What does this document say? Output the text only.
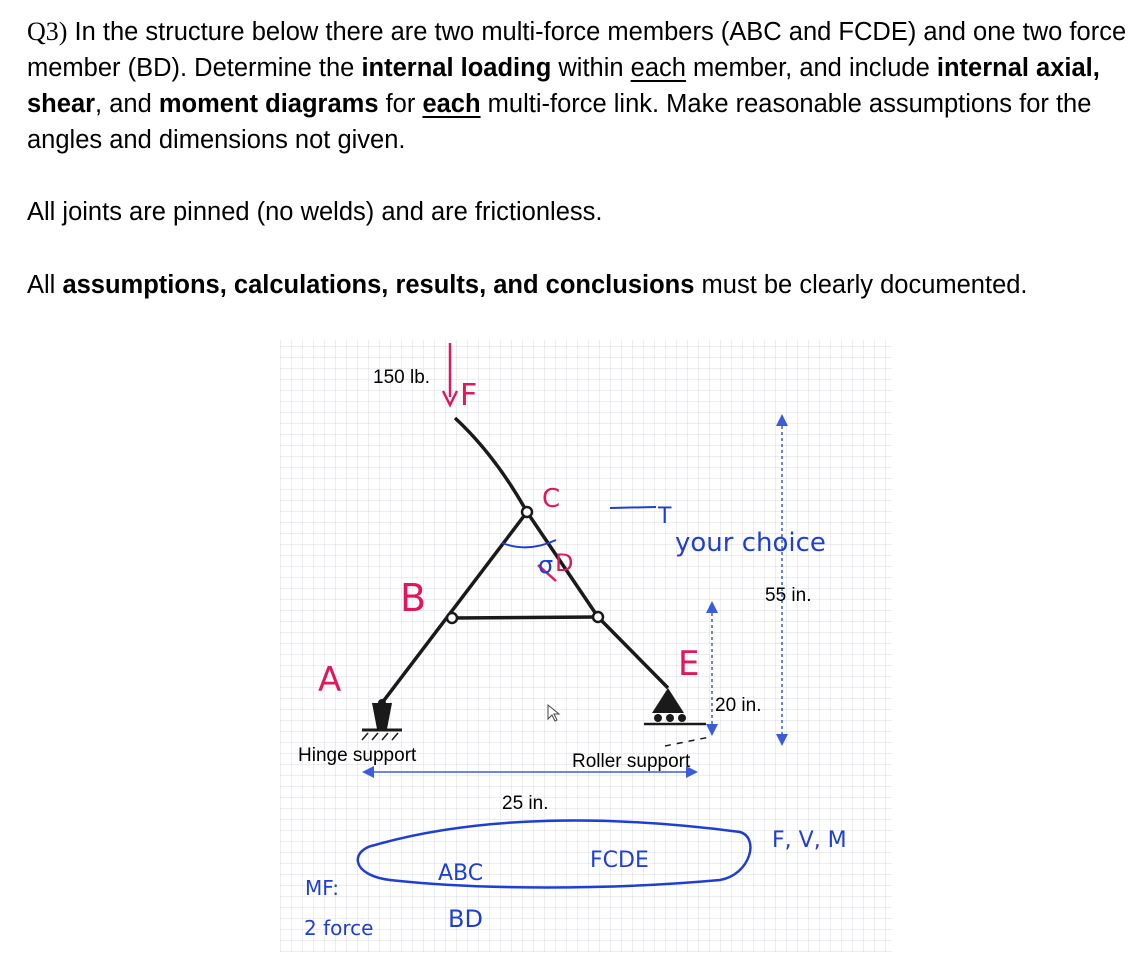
Q3) In the structure below there are two multi-force members (ABC and FCDE) and one two force member (BD). Determine the internal loading within each member, and include internal axial, shear, and moment diagrams for each multi-force link. Make reasonable assumptions for the angles and dimensions not given.

All joints are pinned (no welds) and are frictionless.

All assumptions, calculations, results, and conclusions must be clearly documented.

150 lb.
Hinge support	Roller support
25 in.
55 in.
20 in.
F
B
A	E
C
D
σ
T
your choice
MF:
2 force
ABC
BD
FCDE
F, V, M
